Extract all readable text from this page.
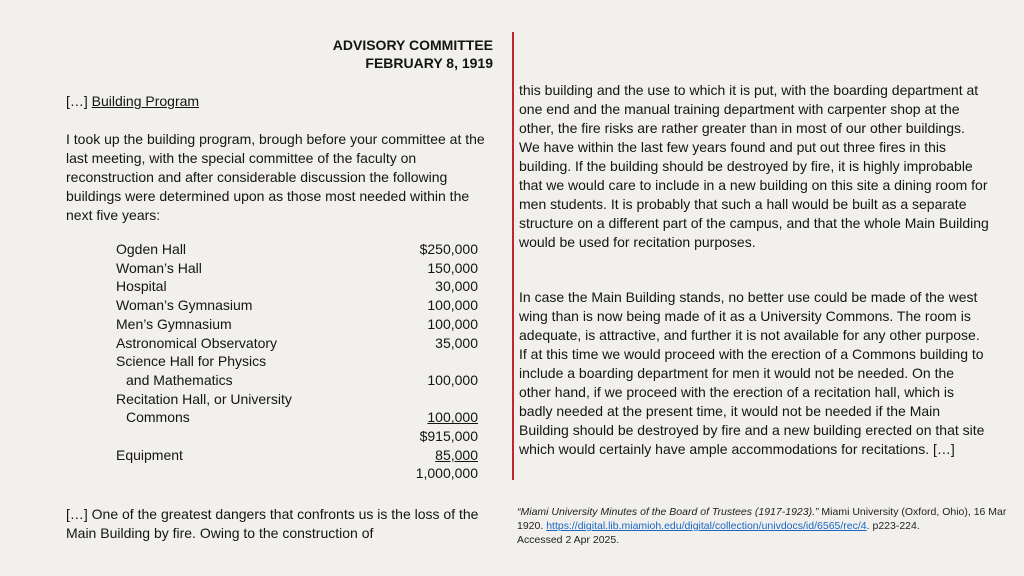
ADVISORY COMMITTEE
FEBRUARY 8, 1919
[…] Building Program
I took up the building program, brough before your committee at the last meeting, with the special committee of the faculty on reconstruction and after considerable discussion the following buildings were determined upon as those most needed within the next five years:
Ogden Hall	$250,000
Woman’s Hall	150,000
Hospital	30,000
Woman’s Gymnasium	100,000
Men’s Gymnasium	100,000
Astronomical Observatory	35,000
Science Hall for Physics	
and Mathematics	100,000
Recitation Hall, or University	
Commons	100,000
	$915,000
Equipment	85,000
	1,000,000
[…] One of the greatest dangers that confronts us is the loss of the Main Building by fire. Owing to the construction of
this building and the use to which it is put, with the boarding department at one end and the manual training department with carpenter shop at the other, the fire risks are rather greater than in most of our other buildings. We have within the last few years found and put out three fires in this building. If the building should be destroyed by fire, it is highly improbable that we would care to include in a new building on this site a dining room for men students. It is probably that such a hall would be built as a separate structure on a different part of the campus, and that the whole Main Building would be used for recitation purposes.
In case the Main Building stands, no better use could be made of the west wing than is now being made of it as a University Commons. The room is adequate, is attractive, and further it is not available for any other purpose. If at this time we would proceed with the erection of a Commons building to include a boarding department for men it would not be needed. On the other hand, if we proceed with the erection of a recitation hall, which is badly needed at the present time, it would not be needed if the Main Building should be destroyed by fire and a new building erected on that site which would certainly have ample accommodations for recitations. […]
“Miami University Minutes of the Board of Trustees (1917-1923).” Miami University (Oxford, Ohio), 16 Mar 1920. https://digital.lib.miamioh.edu/digital/collection/univdocs/id/6565/rec/4. p223-224.
Accessed 2 Apr 2025.
